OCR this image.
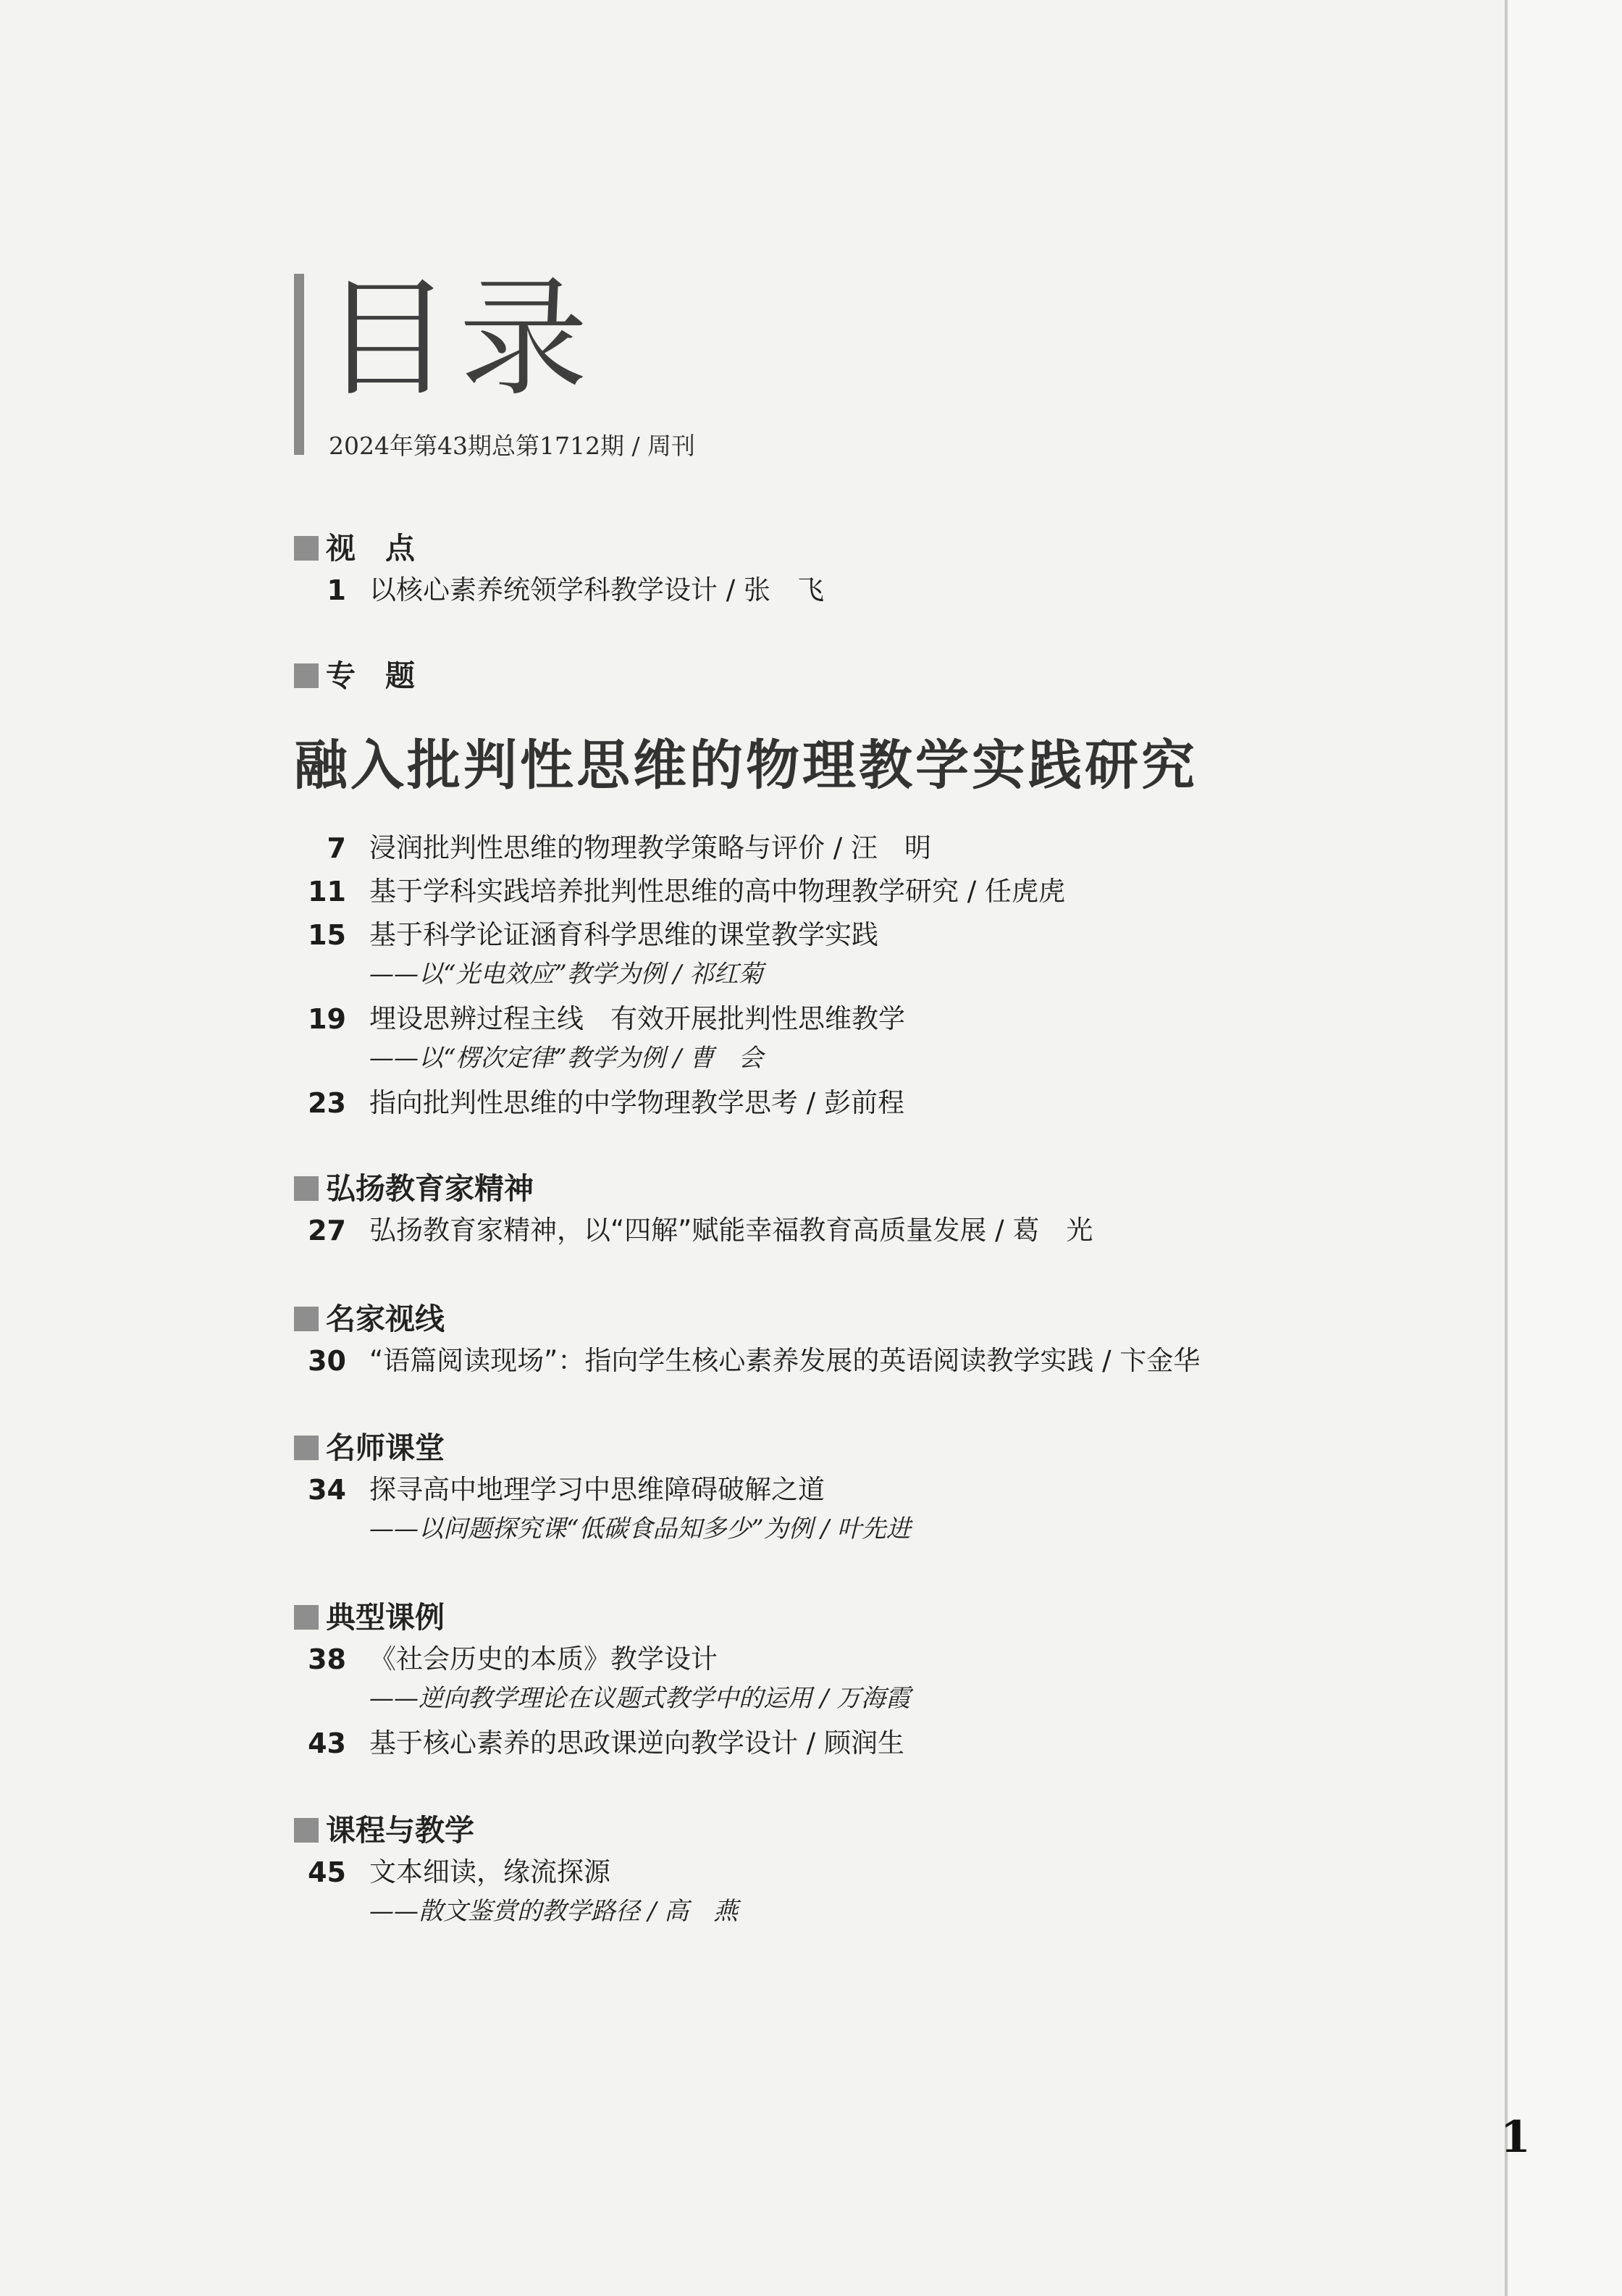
1
目录
2024年第43期总第1712期 / 周刊
视　点
1 以核心素养统领学科教学设计 / 张　飞
专　题
融入批判性思维的物理教学实践研究
7 浸润批判性思维的物理教学策略与评价 / 汪　明
11 基于学科实践培养批判性思维的高中物理教学研究 / 任虎虎
15 基于科学论证涵育科学思维的课堂教学实践
——以“光电效应”教学为例 / 祁红菊
19 埋设思辨过程主线　有效开展批判性思维教学
——以“楞次定律”教学为例 / 曹　会
23 指向批判性思维的中学物理教学思考 / 彭前程
弘扬教育家精神
27 弘扬教育家精神，以“四解”赋能幸福教育高质量发展 / 葛　光
名家视线
30 “语篇阅读现场”：指向学生核心素养发展的英语阅读教学实践 / 卞金华
名师课堂
34 探寻高中地理学习中思维障碍破解之道
——以问题探究课“低碳食品知多少”为例 / 叶先进
典型课例
38 《社会历史的本质》教学设计
——逆向教学理论在议题式教学中的运用 / 万海霞
43 基于核心素养的思政课逆向教学设计 / 顾润生
课程与教学
45 文本细读，缘流探源
——散文鉴赏的教学路径 / 高　燕
